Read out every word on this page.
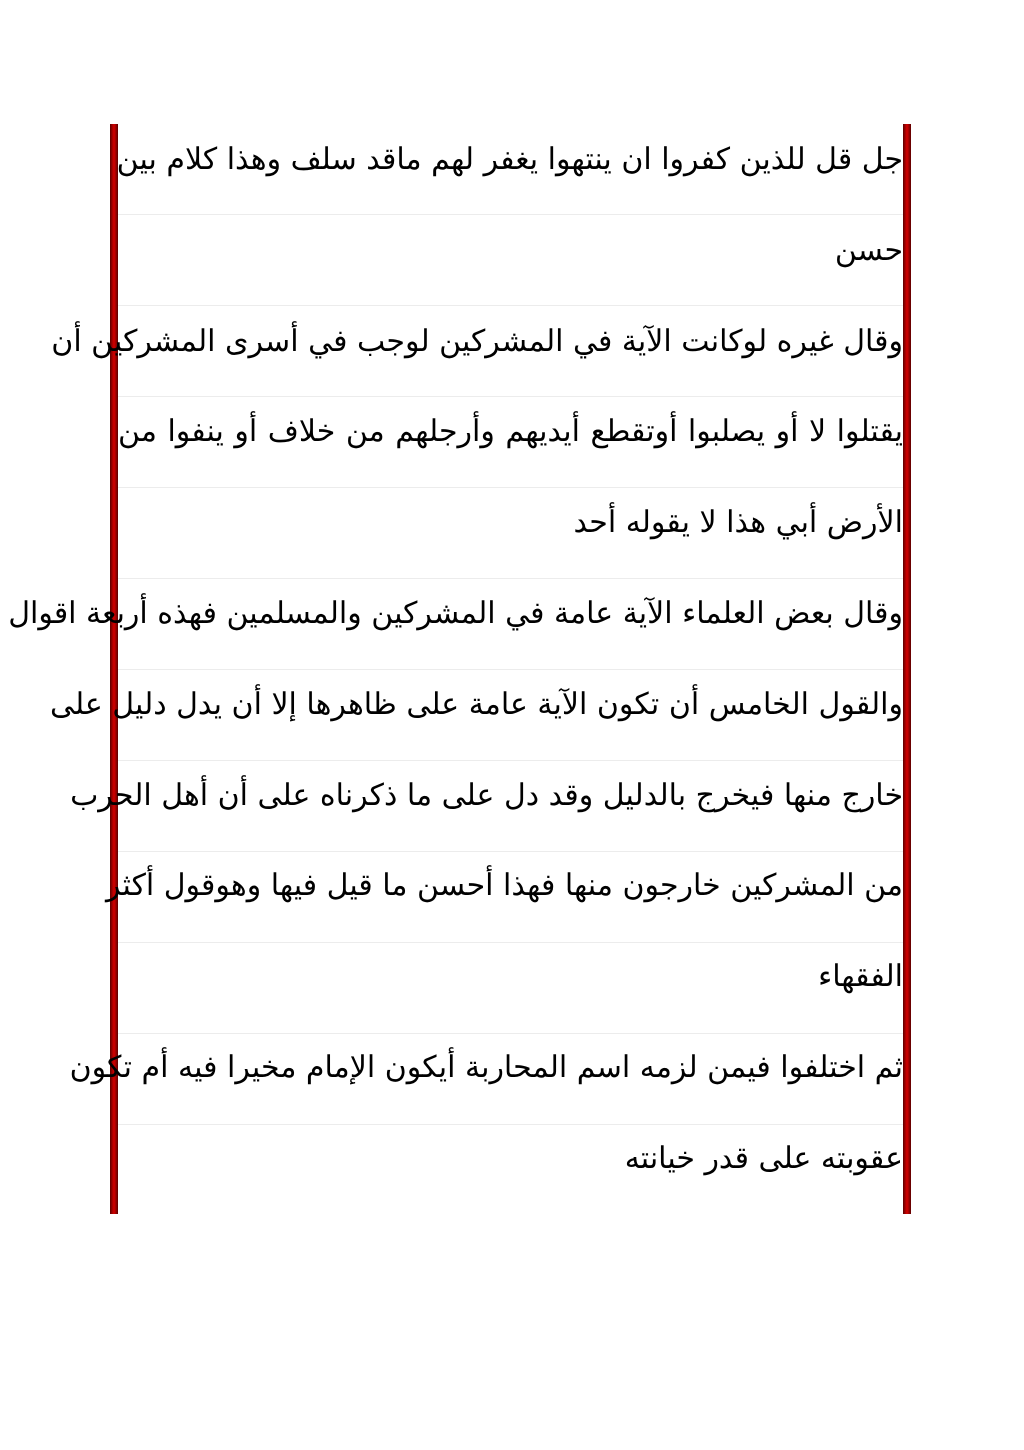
جل قل للذين كفروا ان ينتهوا يغفر لهم ماقد سلف وهذا كلام بين
حسن
وقال غيره لوكانت الآية في المشركين لوجب في أسرى المشركين أن
يقتلوا لا أو يصلبوا أوتقطع أيديهم وأرجلهم من خلاف أو ينفوا من
الأرض أبي هذا لا يقوله أحد
وقال بعض العلماء الآية عامة في المشركين والمسلمين فهذه أربعة اقوال
والقول الخامس أن تكون الآية عامة على ظاهرها إلا أن يدل دليل على
خارج منها فيخرج بالدليل وقد دل على ما ذكرناه على أن أهل الحرب
من المشركين خارجون منها فهذا أحسن ما قيل فيها وهوقول أكثر
الفقهاء
ثم اختلفوا فيمن لزمه اسم المحاربة أيكون الإمام مخيرا فيه أم تكون
عقوبته على قدر خيانته
